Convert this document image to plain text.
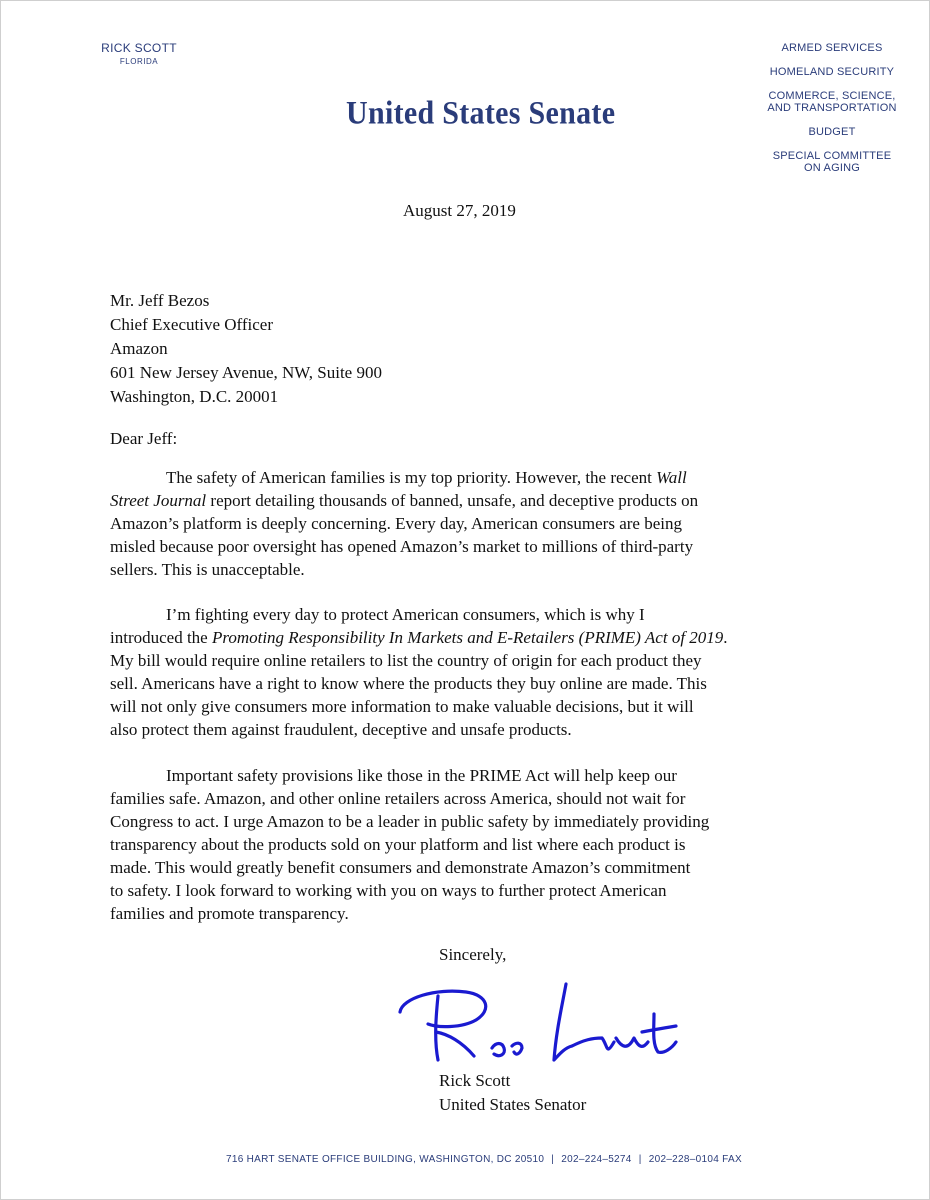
RICK SCOTT
FLORIDA
United States Senate
ARMED SERVICES
HOMELAND SECURITY
COMMERCE, SCIENCE, AND TRANSPORTATION
BUDGET
SPECIAL COMMITTEE ON AGING
August 27, 2019
Mr. Jeff Bezos
Chief Executive Officer
Amazon
601 New Jersey Avenue, NW, Suite 900
Washington, D.C. 20001
Dear Jeff:
The safety of American families is my top priority. However, the recent Wall
Street Journal report detailing thousands of banned, unsafe, and deceptive products on
Amazon’s platform is deeply concerning. Every day, American consumers are being
misled because poor oversight has opened Amazon’s market to millions of third-party
sellers. This is unacceptable.
I’m fighting every day to protect American consumers, which is why I
introduced the Promoting Responsibility In Markets and E-Retailers (PRIME) Act of 2019.
My bill would require online retailers to list the country of origin for each product they
sell. Americans have a right to know where the products they buy online are made. This
will not only give consumers more information to make valuable decisions, but it will
also protect them against fraudulent, deceptive and unsafe products.
Important safety provisions like those in the PRIME Act will help keep our
families safe. Amazon, and other online retailers across America, should not wait for
Congress to act. I urge Amazon to be a leader in public safety by immediately providing
transparency about the products sold on your platform and list where each product is
made. This would greatly benefit consumers and demonstrate Amazon’s commitment
to safety. I look forward to working with you on ways to further protect American
families and promote transparency.
Sincerely,
Rick Scott
United States Senator
716 HART SENATE OFFICE BUILDING, WASHINGTON, DC 20510 | 202–224–5274 | 202–228–0104 FAX
